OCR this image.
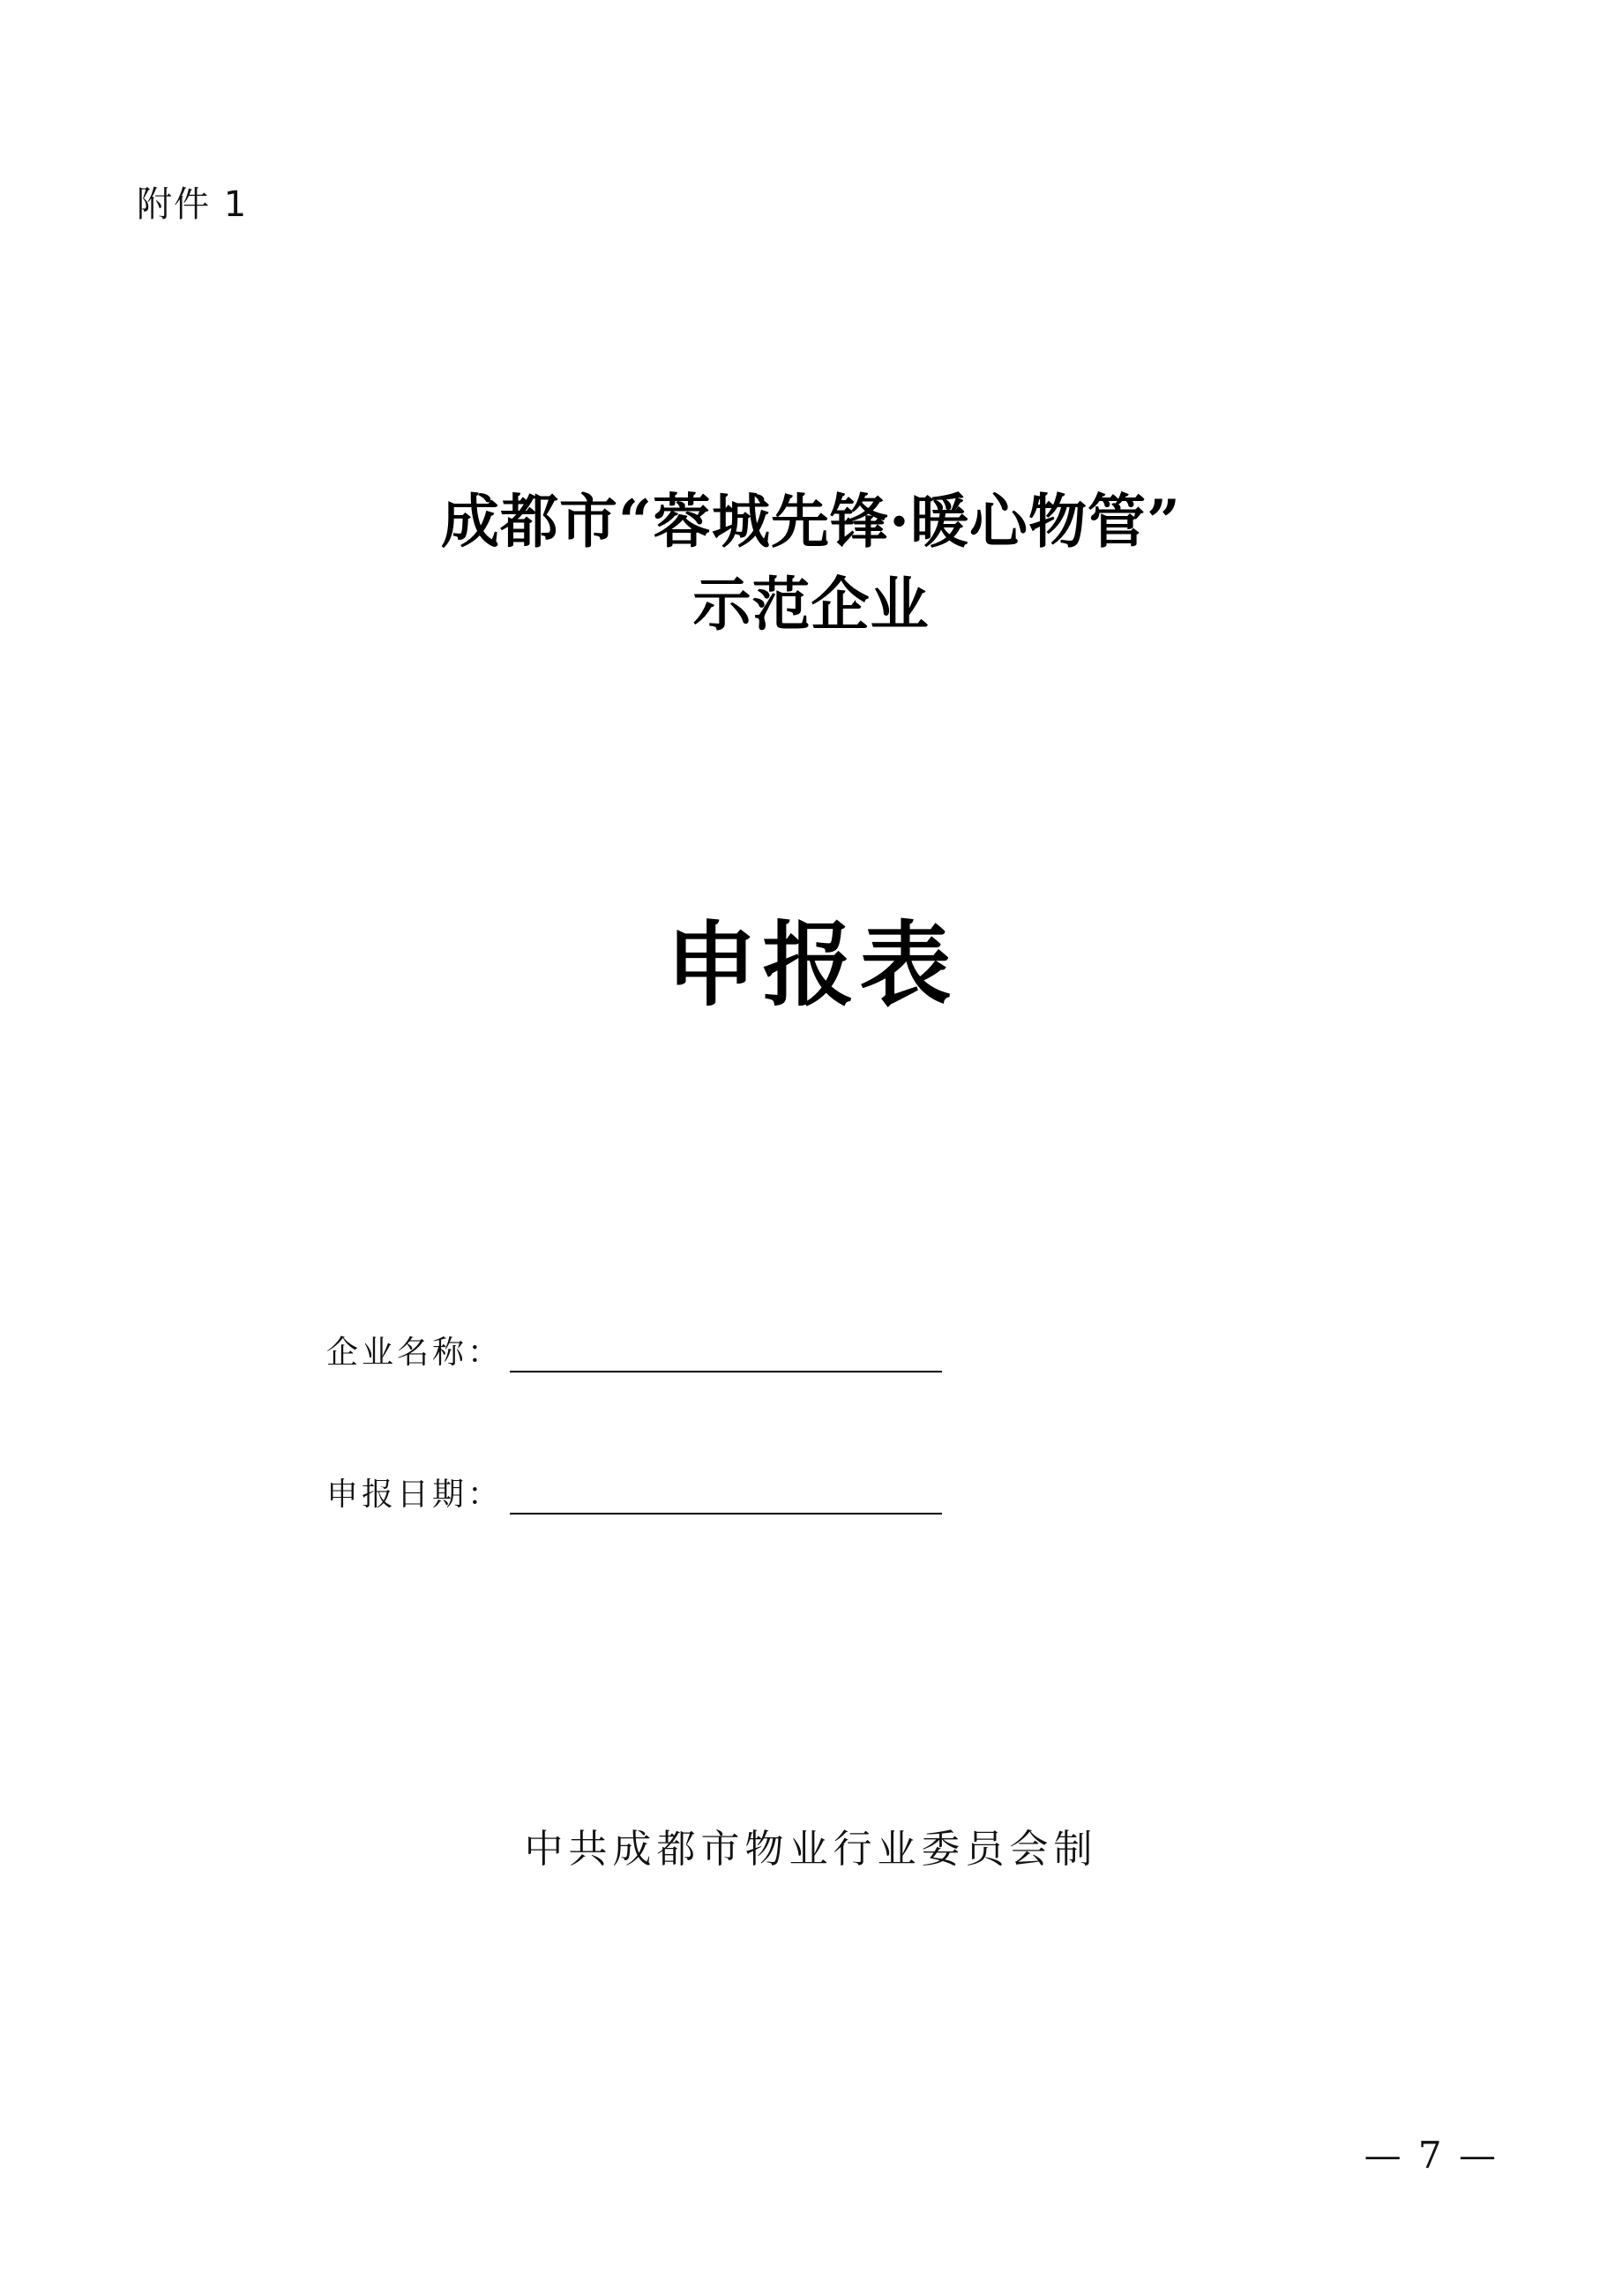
附件 1
成都市“蓉城先锋·暖心物管”
示范企业
申报表
企业名称：
申报日期：
中共成都市物业行业委员会制
— 7 —
